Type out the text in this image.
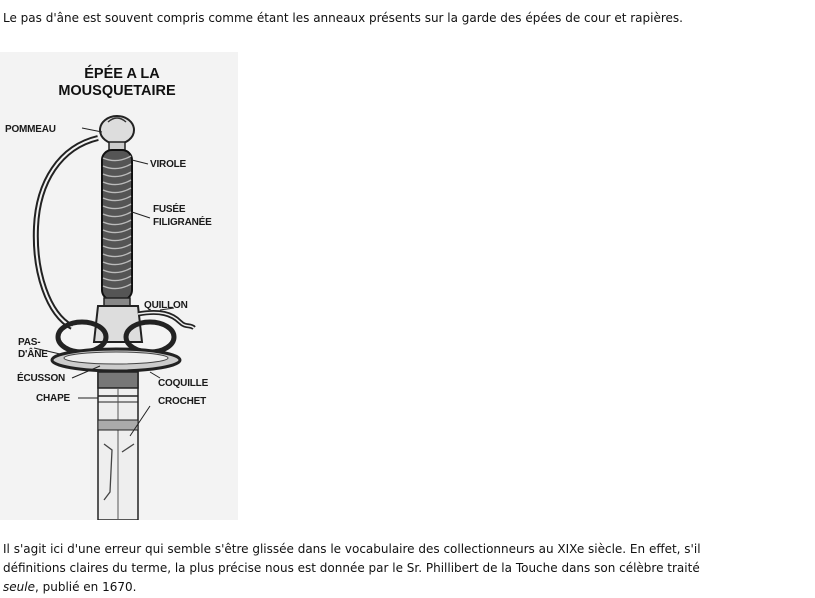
Le pas d'âne est souvent compris comme étant les anneaux présents sur la garde des épées de cour et rapières.

ÉPÉE A LA
MOUSQUETAIRE
POMMEAU
VIROLE
FUSÉE
FILIGRANÉE
QUILLON
PAS-
D'ÂNE
ÉCUSSON	COQUILLE
CHAPE	CROCHET

Il s'agit ici d'une erreur qui semble s'être glissée dans le vocabulaire des collectionneurs au XIXe siècle. En effet, s'il
définitions claires du terme, la plus précise nous est donnée par le Sr. Phillibert de la Touche dans son célèbre traité
seule, publié en 1670.
